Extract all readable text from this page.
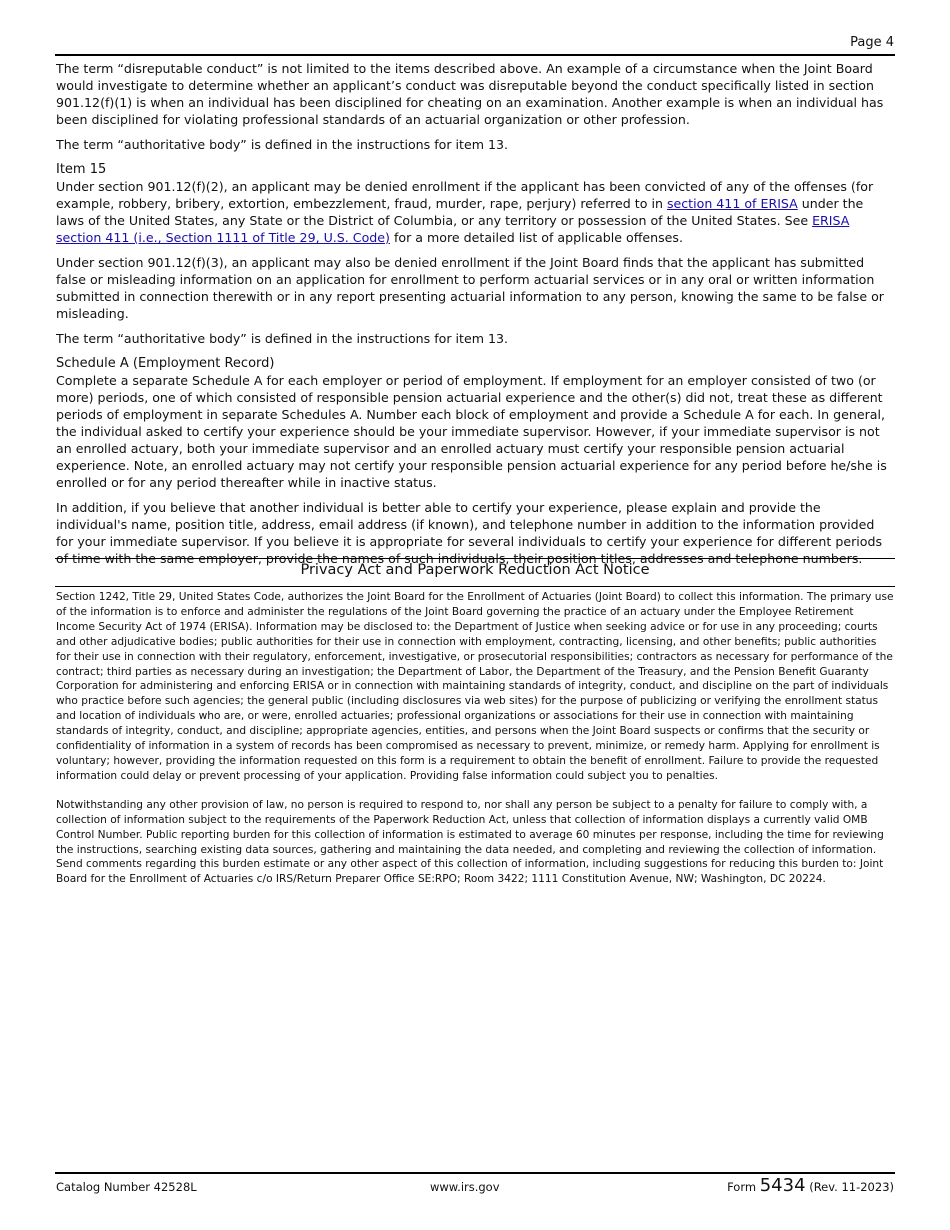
Page 4

The term “disreputable conduct” is not limited to the items described above. An example of a circumstance when the Joint Board would investigate to determine whether an applicant’s conduct was disreputable beyond the conduct specifically listed in section 901.12(f)(1) is when an individual has been disciplined for cheating on an examination. Another example is when an individual has been disciplined for violating professional standards of an actuarial organization or other profession.

The term “authoritative body” is defined in the instructions for item 13.

Item 15

Under section 901.12(f)(2), an applicant may be denied enrollment if the applicant has been convicted of any of the offenses (for example, robbery, bribery, extortion, embezzlement, fraud, murder, rape, perjury) referred to in section 411 of ERISA under the laws of the United States, any State or the District of Columbia, or any territory or possession of the United States. See ERISA section 411 (i.e., Section 1111 of Title 29, U.S. Code) for a more detailed list of applicable offenses.

Under section 901.12(f)(3), an applicant may also be denied enrollment if the Joint Board finds that the applicant has submitted false or misleading information on an application for enrollment to perform actuarial services or in any oral or written information submitted in connection therewith or in any report presenting actuarial information to any person, knowing the same to be false or misleading.

The term “authoritative body” is defined in the instructions for item 13.

Schedule A (Employment Record)

Complete a separate Schedule A for each employer or period of employment. If employment for an employer consisted of two (or more) periods, one of which consisted of responsible pension actuarial experience and the other(s) did not, treat these as different periods of employment in separate Schedules A. Number each block of employment and provide a Schedule A for each. In general, the individual asked to certify your experience should be your immediate supervisor. However, if your immediate supervisor is not an enrolled actuary, both your immediate supervisor and an enrolled actuary must certify your responsible pension actuarial experience. Note, an enrolled actuary may not certify your responsible pension actuarial experience for any period before he/she is enrolled or for any period thereafter while in inactive status.

In addition, if you believe that another individual is better able to certify your experience, please explain and provide the individual's name, position title, address, email address (if known), and telephone number in addition to the information provided for your immediate supervisor. If you believe it is appropriate for several individuals to certify your experience for different periods of time with the same employer, provide the names of such individuals, their position titles, addresses and telephone numbers.

Privacy Act and Paperwork Reduction Act Notice

Section 1242, Title 29, United States Code, authorizes the Joint Board for the Enrollment of Actuaries (Joint Board) to collect this information. The primary use of the information is to enforce and administer the regulations of the Joint Board governing the practice of an actuary under the Employee Retirement Income Security Act of 1974 (ERISA). Information may be disclosed to: the Department of Justice when seeking advice or for use in any proceeding; courts and other adjudicative bodies; public authorities for their use in connection with employment, contracting, licensing, and other benefits; public authorities for their use in connection with their regulatory, enforcement, investigative, or prosecutorial responsibilities; contractors as necessary for performance of the contract; third parties as necessary during an investigation; the Department of Labor, the Department of the Treasury, and the Pension Benefit Guaranty Corporation for administering and enforcing ERISA or in connection with maintaining standards of integrity, conduct, and discipline on the part of individuals who practice before such agencies; the general public (including disclosures via web sites) for the purpose of publicizing or verifying the enrollment status and location of individuals who are, or were, enrolled actuaries; professional organizations or associations for their use in connection with maintaining standards of integrity, conduct, and discipline; appropriate agencies, entities, and persons when the Joint Board suspects or confirms that the security or confidentiality of information in a system of records has been compromised as necessary to prevent, minimize, or remedy harm. Applying for enrollment is voluntary; however, providing the information requested on this form is a requirement to obtain the benefit of enrollment. Failure to provide the requested information could delay or prevent processing of your application. Providing false information could subject you to penalties.

Notwithstanding any other provision of law, no person is required to respond to, nor shall any person be subject to a penalty for failure to comply with, a collection of information subject to the requirements of the Paperwork Reduction Act, unless that collection of information displays a currently valid OMB Control Number. Public reporting burden for this collection of information is estimated to average 60 minutes per response, including the time for reviewing the instructions, searching existing data sources, gathering and maintaining the data needed, and completing and reviewing the collection of information. Send comments regarding this burden estimate or any other aspect of this collection of information, including suggestions for reducing this burden to: Joint Board for the Enrollment of Actuaries c/o IRS/Return Preparer Office SE:RPO; Room 3422; 1111 Constitution Avenue, NW; Washington, DC 20224.

Catalog Number 42528L	www.irs.gov	Form 5434 (Rev. 11-2023)
